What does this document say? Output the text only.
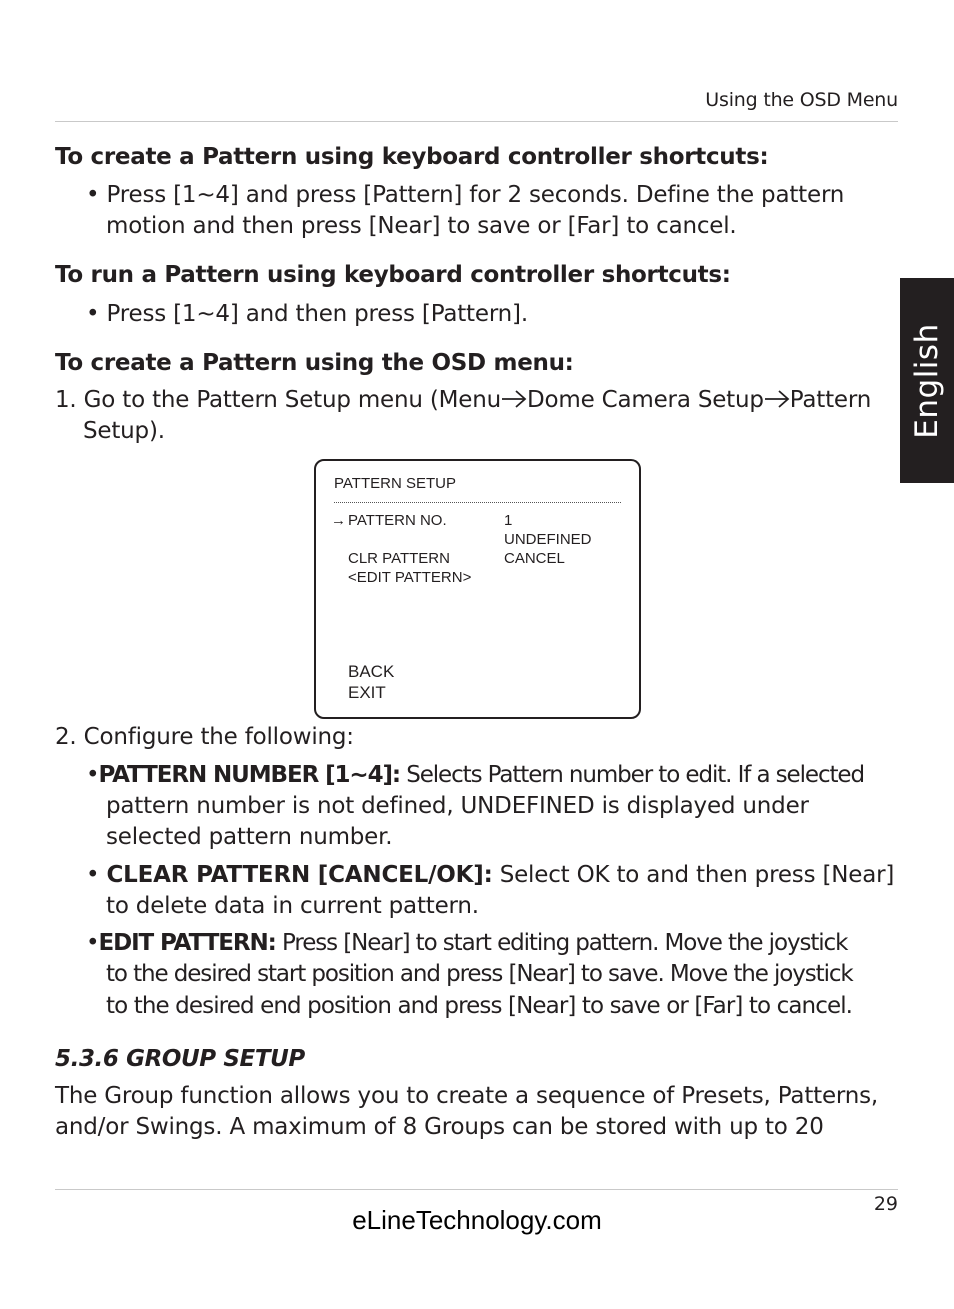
Using the OSD Menu
English
To create a Pattern using keyboard controller shortcuts:
• Press [1~4] and press [Pattern] for 2 seconds. Define the pattern
motion and then press [Near] to save or [Far] to cancel.
To run a Pattern using keyboard controller shortcuts:
• Press [1~4] and then press [Pattern].
To create a Pattern using the OSD menu:
1. Go to the Pattern Setup menu (Menu Dome Camera Setup Pattern
Setup).
PATTERN SETUP
→ PATTERN NO.	1
UNDEFINED
CLR PATTERN	CANCEL
<EDIT PATTERN>
BACK
EXIT
2. Configure the following:
•PATTERN NUMBER [1~4]: Selects Pattern number to edit. If a selected
pattern number is not defined, UNDEFINED is displayed under
selected pattern number.
• CLEAR PATTERN [CANCEL/OK]: Select OK to and then press [Near]
to delete data in current pattern.
•EDIT PATTERN: Press [Near] to start editing pattern. Move the joystick
to the desired start position and press [Near] to save. Move the joystick
to the desired end position and press [Near] to save or [Far] to cancel.
5.3.6 GROUP SETUP
The Group function allows you to create a sequence of Presets, Patterns,
and/or Swings. A maximum of 8 Groups can be stored with up to 20
29
eLineTechnology.com
